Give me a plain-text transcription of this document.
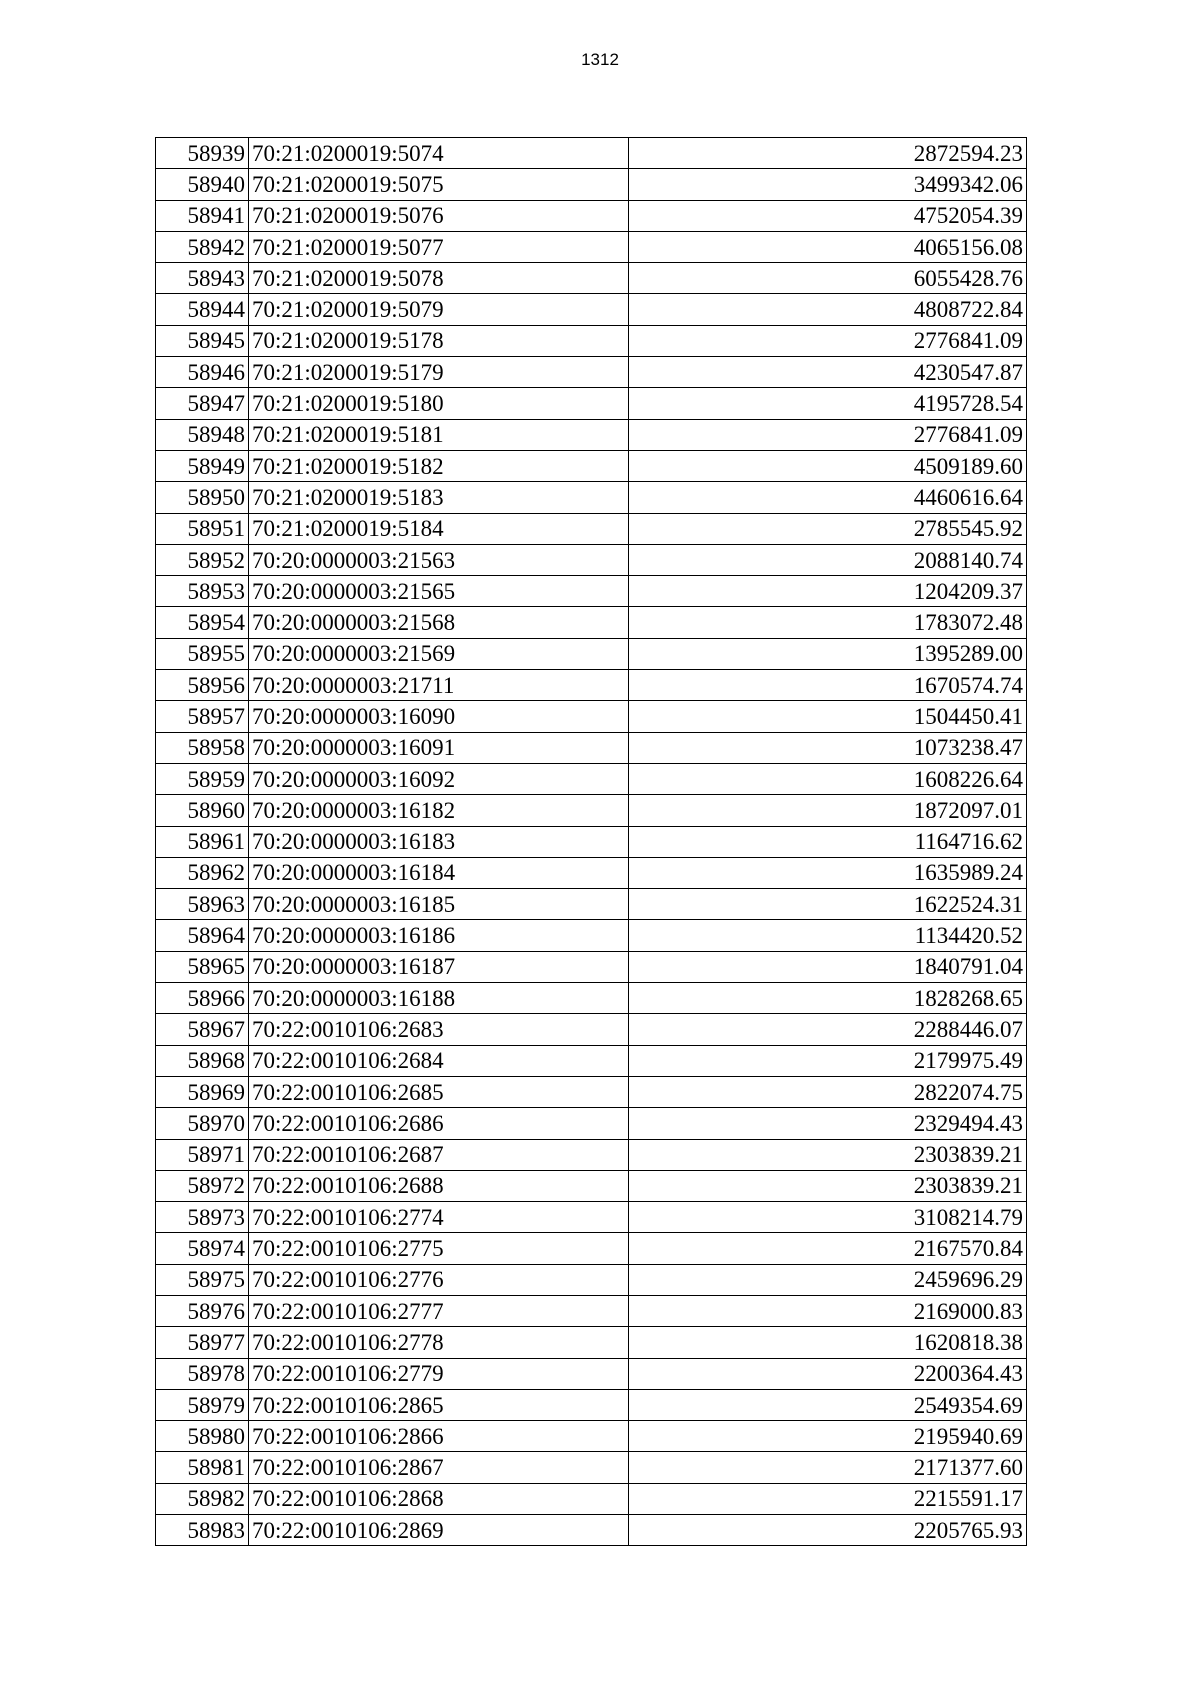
1312
58939	70:21:0200019:5074	2872594.23
58940	70:21:0200019:5075	3499342.06
58941	70:21:0200019:5076	4752054.39
58942	70:21:0200019:5077	4065156.08
58943	70:21:0200019:5078	6055428.76
58944	70:21:0200019:5079	4808722.84
58945	70:21:0200019:5178	2776841.09
58946	70:21:0200019:5179	4230547.87
58947	70:21:0200019:5180	4195728.54
58948	70:21:0200019:5181	2776841.09
58949	70:21:0200019:5182	4509189.60
58950	70:21:0200019:5183	4460616.64
58951	70:21:0200019:5184	2785545.92
58952	70:20:0000003:21563	2088140.74
58953	70:20:0000003:21565	1204209.37
58954	70:20:0000003:21568	1783072.48
58955	70:20:0000003:21569	1395289.00
58956	70:20:0000003:21711	1670574.74
58957	70:20:0000003:16090	1504450.41
58958	70:20:0000003:16091	1073238.47
58959	70:20:0000003:16092	1608226.64
58960	70:20:0000003:16182	1872097.01
58961	70:20:0000003:16183	1164716.62
58962	70:20:0000003:16184	1635989.24
58963	70:20:0000003:16185	1622524.31
58964	70:20:0000003:16186	1134420.52
58965	70:20:0000003:16187	1840791.04
58966	70:20:0000003:16188	1828268.65
58967	70:22:0010106:2683	2288446.07
58968	70:22:0010106:2684	2179975.49
58969	70:22:0010106:2685	2822074.75
58970	70:22:0010106:2686	2329494.43
58971	70:22:0010106:2687	2303839.21
58972	70:22:0010106:2688	2303839.21
58973	70:22:0010106:2774	3108214.79
58974	70:22:0010106:2775	2167570.84
58975	70:22:0010106:2776	2459696.29
58976	70:22:0010106:2777	2169000.83
58977	70:22:0010106:2778	1620818.38
58978	70:22:0010106:2779	2200364.43
58979	70:22:0010106:2865	2549354.69
58980	70:22:0010106:2866	2195940.69
58981	70:22:0010106:2867	2171377.60
58982	70:22:0010106:2868	2215591.17
58983	70:22:0010106:2869	2205765.93
